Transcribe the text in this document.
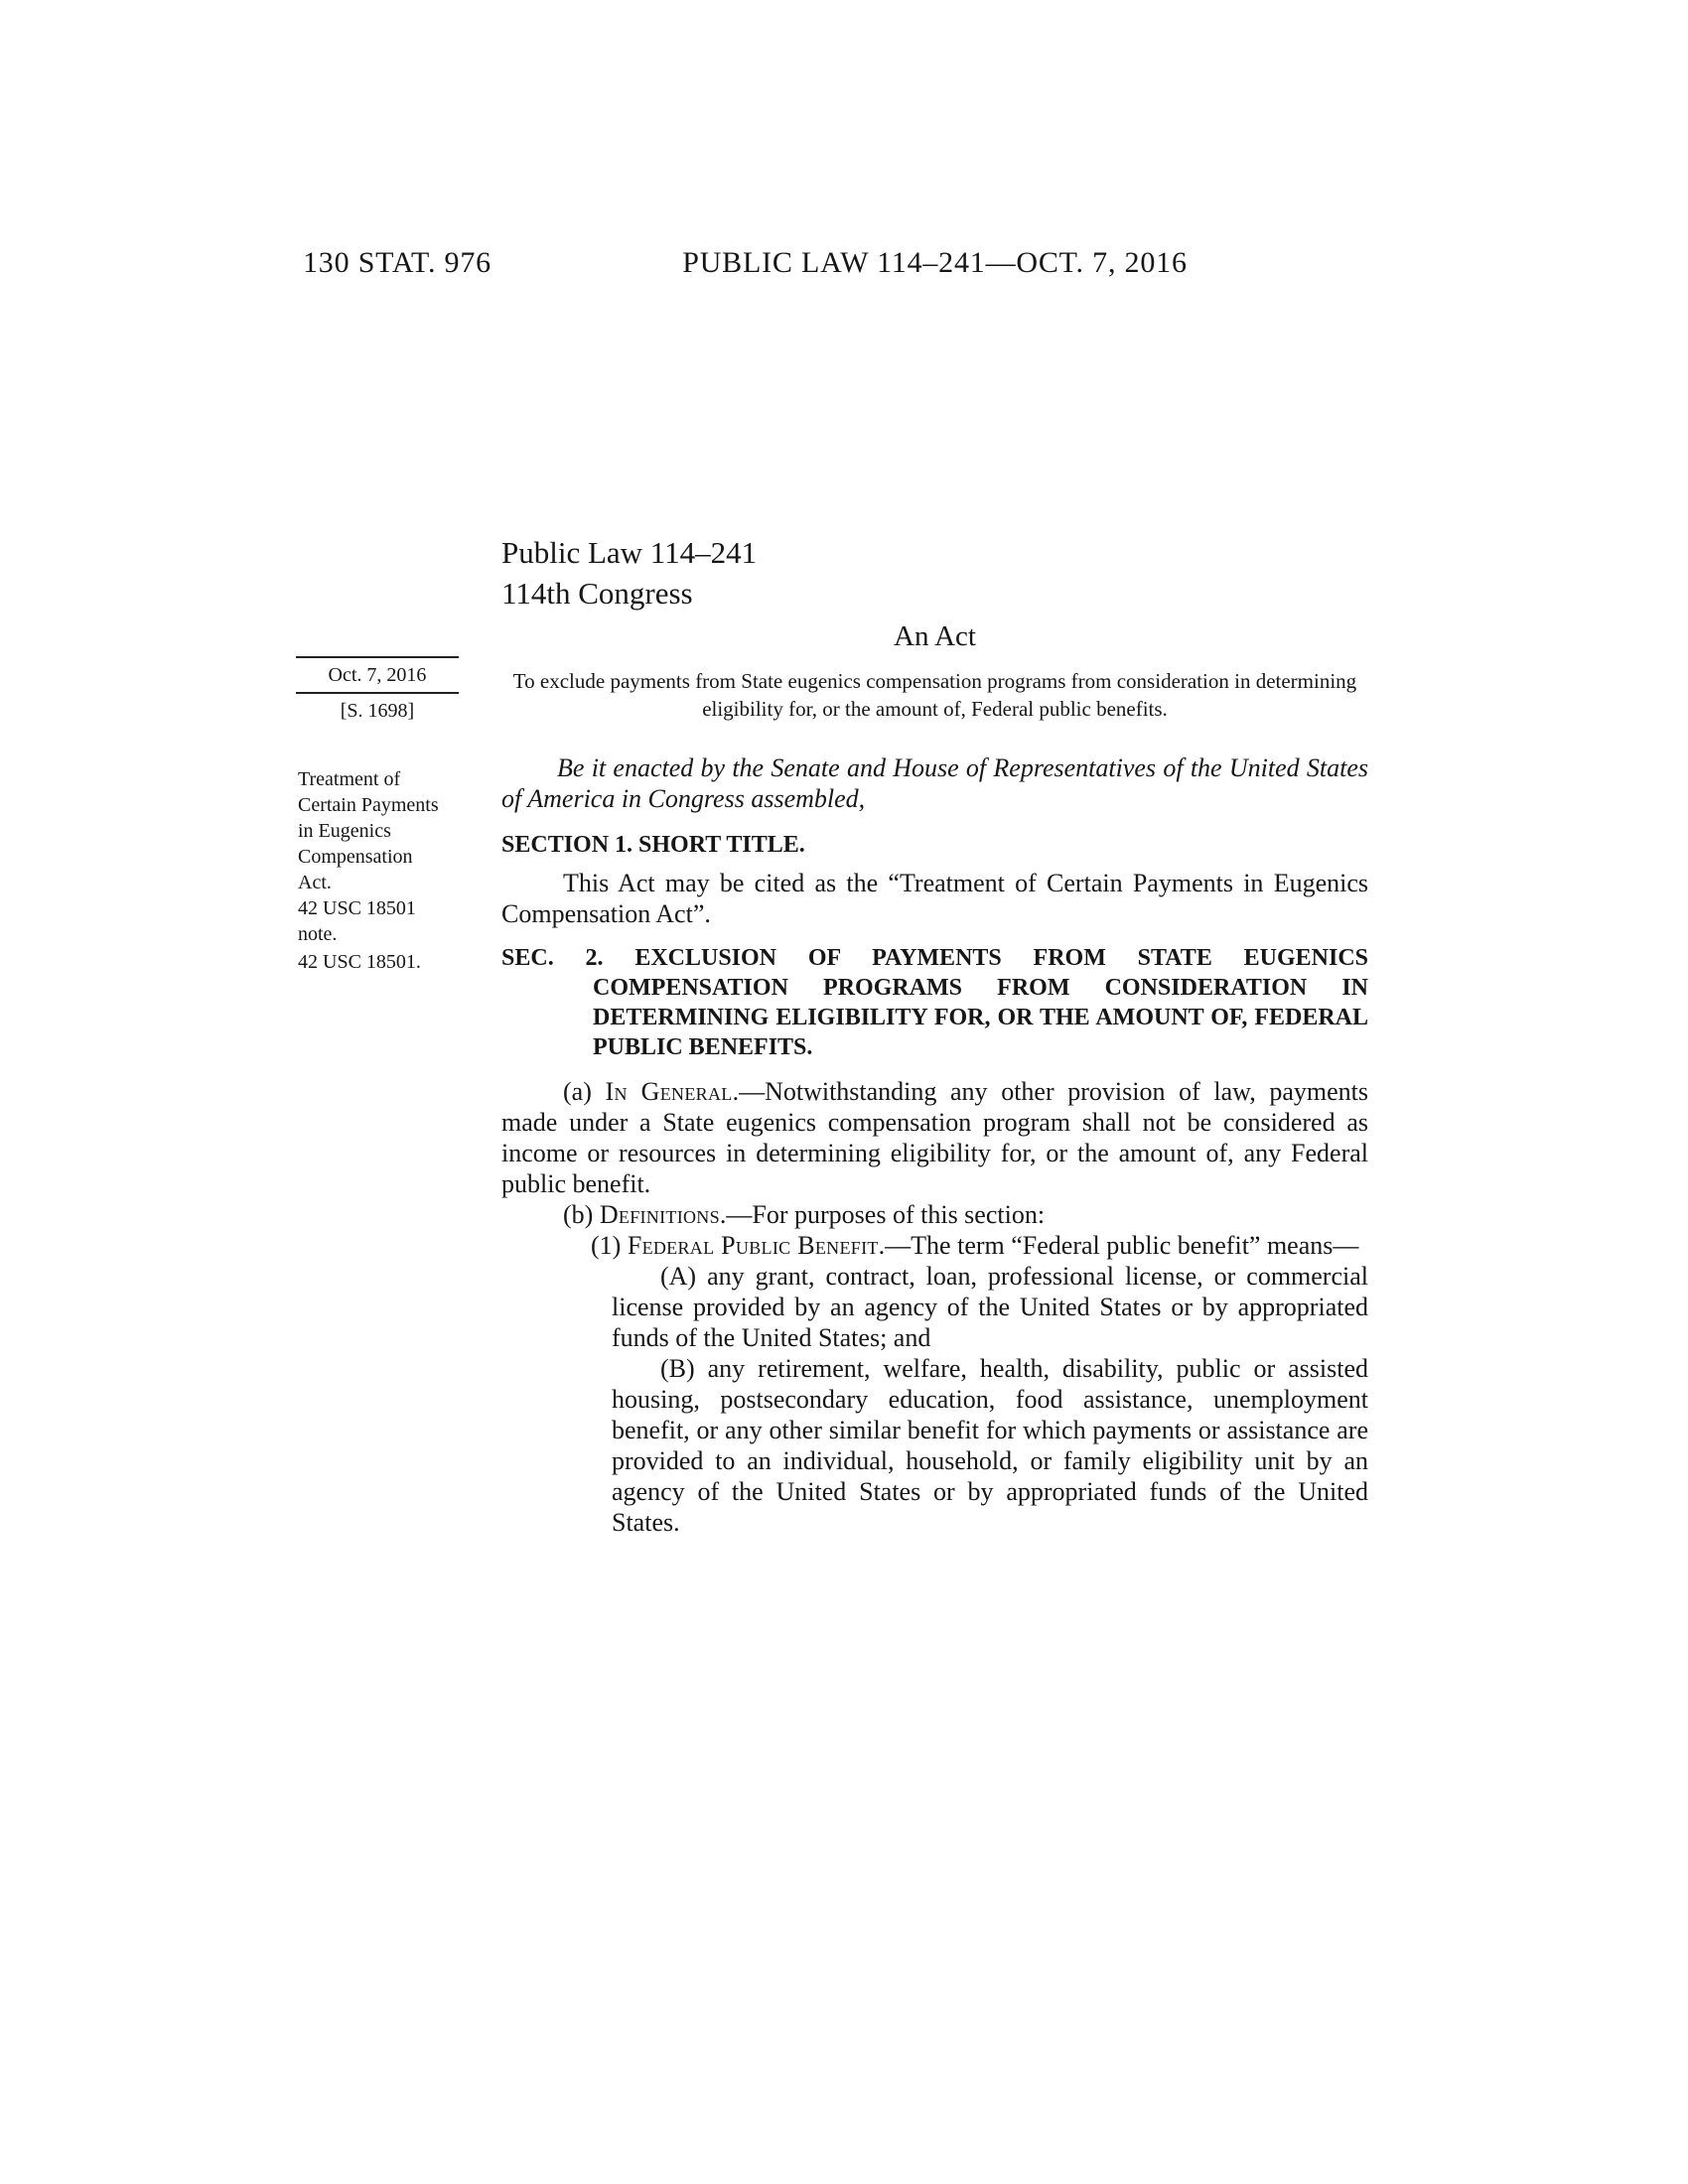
130 STAT. 976	PUBLIC LAW 114–241—OCT. 7, 2016
Oct. 7, 2016
[S. 1698]
Treatment of Certain Payments in Eugenics Compensation Act.
42 USC 18501 note.
42 USC 18501.
Public Law 114–241
114th Congress
An Act
To exclude payments from State eugenics compensation programs from consideration in determining eligibility for, or the amount of, Federal public benefits.

Be it enacted by the Senate and House of Representatives of the United States of America in Congress assembled,

SECTION 1. SHORT TITLE.

This Act may be cited as the “Treatment of Certain Payments in Eugenics Compensation Act”.

SEC. 2. EXCLUSION OF PAYMENTS FROM STATE EUGENICS COMPENSATION PROGRAMS FROM CONSIDERATION IN DETERMINING ELIGIBILITY FOR, OR THE AMOUNT OF, FEDERAL PUBLIC BENEFITS.

(a) In General.—Notwithstanding any other provision of law, payments made under a State eugenics compensation program shall not be considered as income or resources in determining eligibility for, or the amount of, any Federal public benefit.

(b) Definitions.—For purposes of this section:

(1) Federal Public Benefit.—The term “Federal public benefit” means—

(A) any grant, contract, loan, professional license, or commercial license provided by an agency of the United States or by appropriated funds of the United States; and

(B) any retirement, welfare, health, disability, public or assisted housing, postsecondary education, food assistance, unemployment benefit, or any other similar benefit for which payments or assistance are provided to an individual, household, or family eligibility unit by an agency of the United States or by appropriated funds of the United States.
